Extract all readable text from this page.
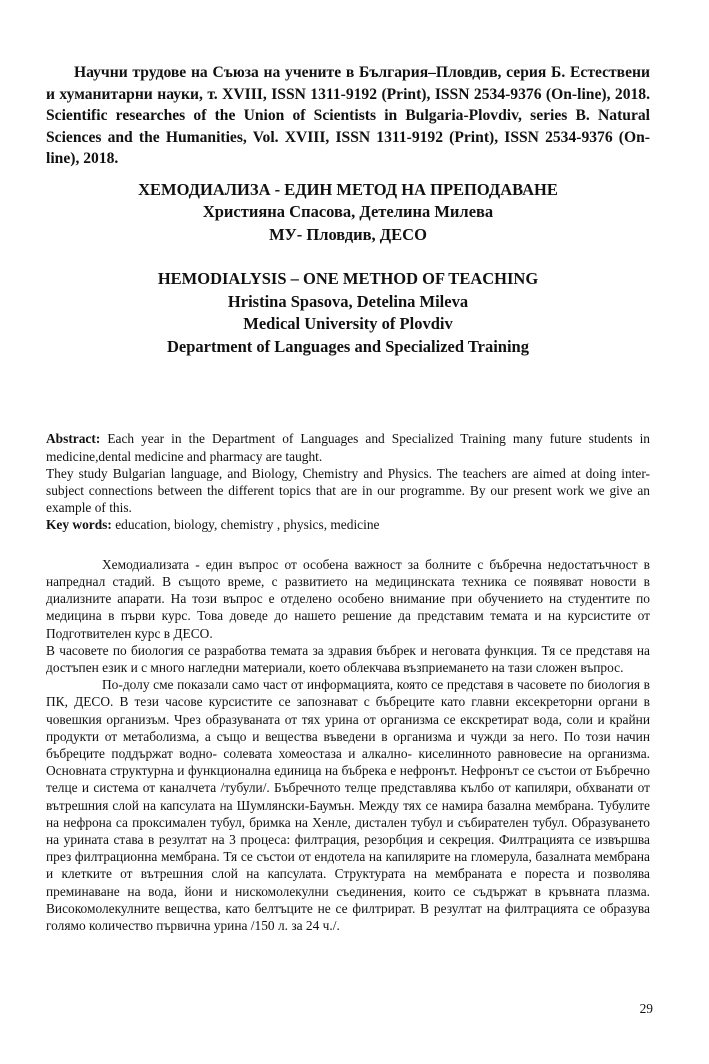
Научни трудове на Съюза на учените в България–Пловдив, серия Б. Естествени и хуманитарни науки, т. XVIII, ISSN 1311-9192 (Print), ISSN 2534-9376 (On-line), 2018. Scientific researches of the Union of Scientists in Bulgaria-Plovdiv, series B. Natural Sciences and the Humanities, Vol. XVIII, ISSN 1311-9192 (Print), ISSN 2534-9376 (On-line), 2018.

ХЕМОДИАЛИЗА - ЕДИН МЕТОД НА ПРЕПОДАВАНЕ

Християна Спасова, Детелина Милева

МУ- Пловдив, ДЕСО

HEMODIALYSIS – ONE METHOD OF TEACHING

Hristina Spasova, Detelina Mileva

Medical University of Plovdiv

Department of Languages and Specialized Training

Abstract: Each year in the Department of Languages and Specialized Training many future students in medicine,dental medicine and pharmacy are taught.

They study Bulgarian language, and Biology, Chemistry and Physics. The teachers are aimed at doing inter-subject connections between the different topics that are in our programme. By our present work we give an example of this.

Key words: education, biology, chemistry , physics, medicine

Хемодиализата - един въпрос от особена важност за болните с бъбречна недостатъчност в напреднал стадий. В същото време, с развитието на медицинската техника се появяват новости в диализните апарати. На този въпрос е отделено особено внимание при обучението на студентите по медицина в първи курс. Това доведе до нашето решение да представим темата и на курсистите от Подготвителен курс в ДЕСО.

В часовете по биология се разработва темата за здравия бъбрек и неговата функция. Тя се представя на достъпен език и с много нагледни материали, което облекчава възприемането на тази сложен въпрос.

По-долу сме показали само част от информацията, която се представя в часовете по биология в ПК, ДЕСО. В тези часове курсистите се запознават с бъбреците като главни ексекреторни органи в човешкия организъм. Чрез образуваната от тях урина от организма се екскретират вода, соли и крайни продукти от метаболизма, а също и вещества въведени в организма и чужди за него. По този начин бъбреците поддържат водно- солевата хомеостаза и алкално- киселинното равновесие на организма. Основната структурна и функционална единица на бъбрека е нефронът. Нефронът се състои от Бъбречно телце и система от каналчета /тубули/. Бъбречното телце представлява кълбо от капиляри, обхванати от вътрешния слой на капсулата на Шумлянски-Баумън. Между тях се намира базална мембрана. Тубулите на нефрона са проксимален тубул, бримка на Хенле, дистален тубул и събирателен тубул. Образуването на урината става в резултат на 3 процеса: филтрация, резорбция и секреция. Филтрацията се извършва през филтрационна мембрана. Тя се състои от ендотела на капилярите на гломерула, базалната мембрана и клетките от вътрешния слой на капсулата. Структурата на мембраната е пореста и позволява преминаване на вода, йони и нискомолекулни съединения, които се съдържат в кръвната плазма. Високомолекулните вещества, като белтъците не се филтрират. В резултат на филтрацията се образува голямо количество първична урина /150 л. за 24 ч./.

29
